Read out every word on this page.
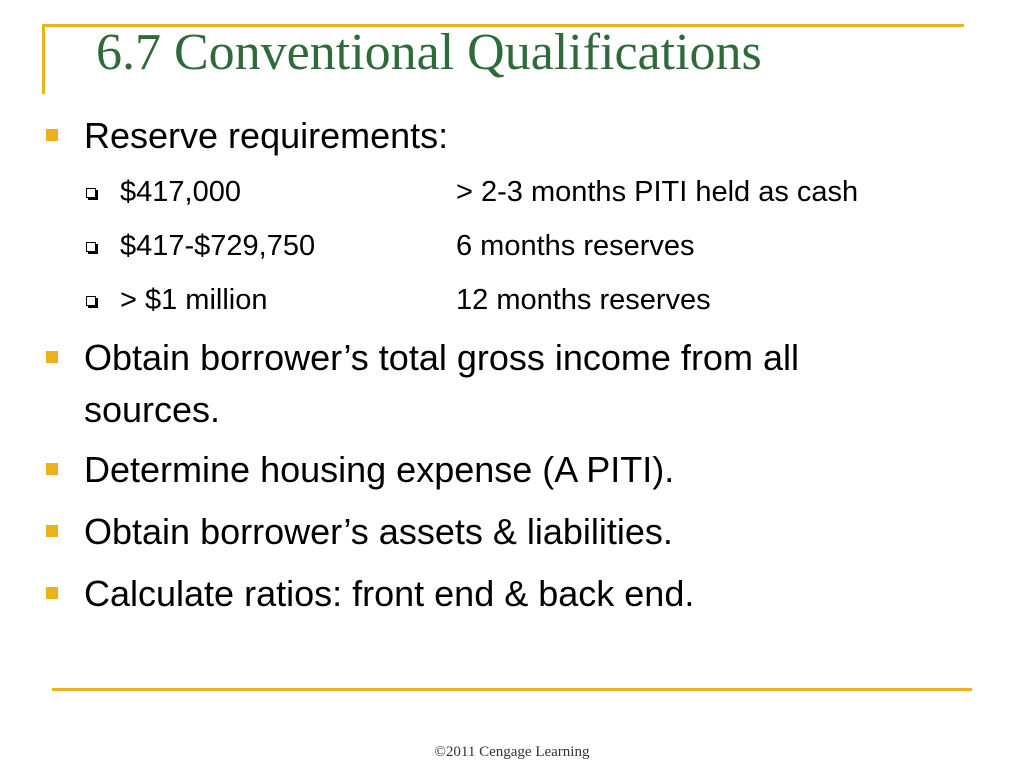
6.7 Conventional Qualifications
Reserve requirements:
$417,000	> 2-3 months PITI held as cash
$417-$729,750	6 months reserves
> $1 million	12 months reserves
Obtain borrower’s total gross income from all sources.
Determine housing expense (A PITI).
Obtain borrower’s assets & liabilities.
Calculate ratios: front end & back end.
©2011 Cengage Learning
